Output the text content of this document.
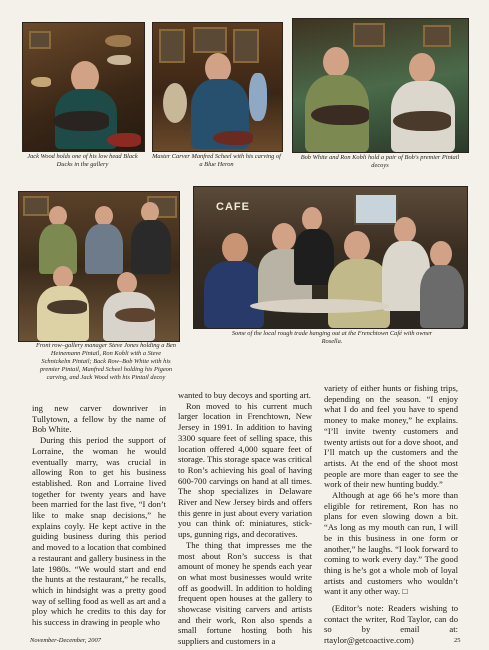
Jack Wood holds one of his low head Black Ducks in the gallery
Master Carver Manfred Scheel with his carving of a Blue Heron
Bob White and Ron Kobli hold a pair of Bob's premier Pintail decoys
Front row–gallery manager Steve Jones holding a Ben Heinemann Pintail, Ron Kobli with a Steve Schnickelm Pintail; Back Row–Bob White with his premier Pintail, Manfred Scheel holding his Pigeon carving, and Jack Wood with his Pintail decoy
CAFE
Some of the local rough trade hanging out at the Frenchtown Café with owner Rosella.

ing new carver downriver in Tullytown, a fellow by the name of Bob White.

During this period the support of Lorraine, the woman he would eventually marry, was crucial in allowing Ron to get his business established. Ron and Lorraine lived together for twenty years and have been married for the last five, “I don’t like to make snap decisions,” he explains coyly. He kept active in the guiding business during this period and moved to a location that combined a restaurant and gallery business in the late 1980s. “We would start and end the hunts at the restaurant,” he recalls, which in hindsight was a pretty good way of selling food as well as art and a ploy which he credits to this day for his success in drawing in people who

wanted to buy decoys and sporting art.

Ron moved to his current much larger location in Frenchtown, New Jersey in 1991. In addition to having 3300 square feet of selling space, this location offered 4,000 square feet of storage. This storage space was critical to Ron’s achieving his goal of having 600-700 carvings on hand at all times. The shop specializes in Delaware River and New Jersey birds and offers this genre in just about every variation you can think of: miniatures, stick-ups, gunning rigs, and decoratives.

The thing that impresses me the most about Ron’s success is that amount of money he spends each year on what most businesses would write off as goodwill. In addition to holding frequent open houses at the gallery to showcase visiting carvers and artists and their work, Ron also spends a small fortune hosting both his suppliers and customers in a

variety of either hunts or fishing trips, depending on the season. “I enjoy what I do and feel you have to spend money to make money,” he explains. “I’ll invite twenty customers and twenty artists out for a dove shoot, and I’ll match up the customers and the artists. At the end of the shoot most people are more than eager to see the work of their new hunting buddy.”

Although at age 66 he’s more than eligible for retirement, Ron has no plans for even slowing down a bit. “As long as my mouth can run, I will be in this business in one form or another,” he laughs. “I look forward to coming to work every day.” The good thing is he’s got a whole mob of loyal artists and customers who wouldn’t want it any other way. □

(Editor’s note: Readers wishing to contact the writer, Rod Taylor, can do so by email at: rtaylor@getcoactive.com)

November-December, 2007	25
